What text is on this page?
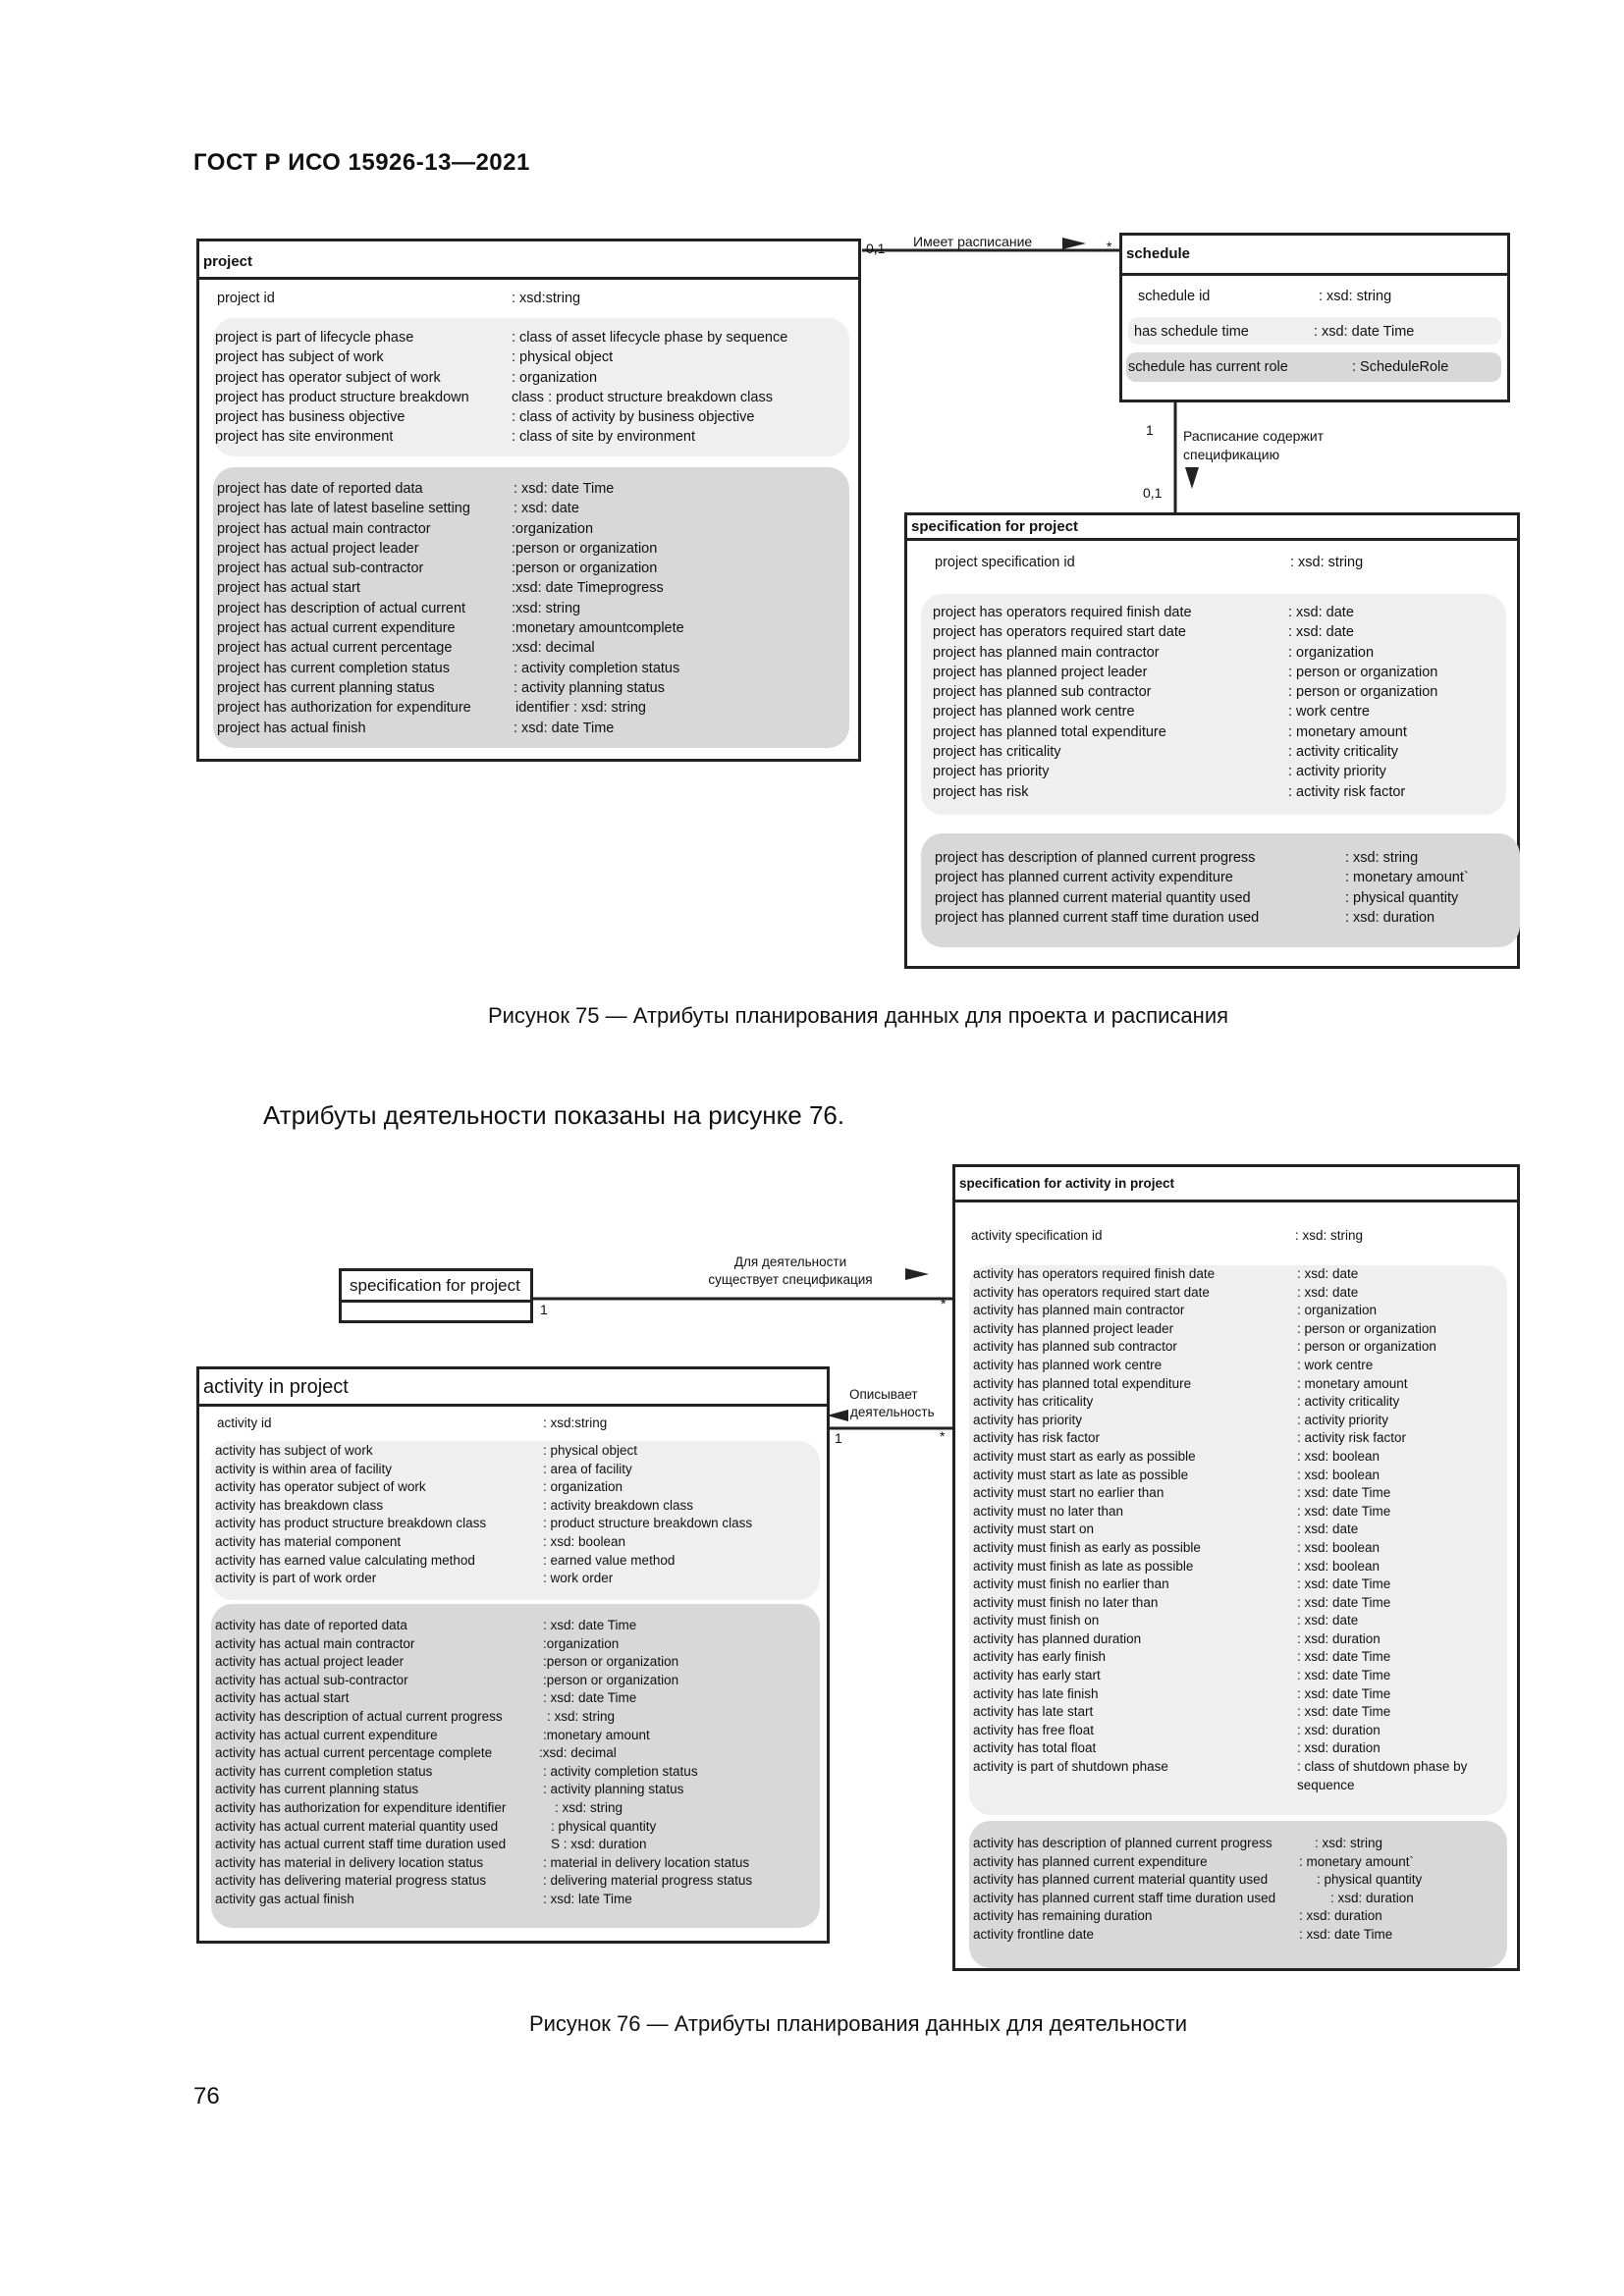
ГОСТ Р ИСО 15926-13—2021
0,1 Имеет расписание	*
1 Расписание содержит
спецификацию
0,1
project
project id	: xsd:string
project is part of lifecycle phase	: class of asset lifecycle phase by sequence
project has subject of work	: physical object
project has operator subject of work	: organization
project has product structure breakdown	class : product structure breakdown class
project has business objective	: class of activity by business objective
project has site environment	: class of site by environment
project has date of reported data	: xsd: date Time
project has late of latest baseline setting	: xsd: date
project has actual main contractor	:organization
project has actual project leader	:person or organization
project has actual sub-contractor	:person or organization
project has actual start	:xsd: date Timeprogress
project has description of actual current	:xsd: string
project has actual current expenditure	:monetary amountcomplete
project has actual current percentage	:xsd: decimal
project has current completion status	: activity completion status
project has current planning status	: activity planning status
project has authorization for expenditure	identifier : xsd: string
project has actual finish	: xsd: date Time
schedule
schedule id	: xsd: string
has schedule time	: xsd: date Time
schedule has current role	: ScheduleRole
specification for project
project specification id	: xsd: string
project has operators required finish date	: xsd: date
project has operators required start date	: xsd: date
project has planned main contractor	: organization
project has planned project leader	: person or organization
project has planned sub contractor	: person or organization
project has planned work centre	: work centre
project has planned total expenditure	: monetary amount
project has criticality	: activity criticality
project has priority	: activity priority
project has risk	: activity risk factor
project has description of planned current progress	: xsd: string
project has planned current activity expenditure	: monetary amount`
project has planned current material quantity used	: physical quantity
project has planned current staff time duration used	: xsd: duration
Рисунок 75 — Атрибуты планирования данных для проекта и расписания
Атрибуты деятельности показаны на рисунке 76.
specification for project
1
Для деятельности
существует спецификация
*
Описывает
деятельность
1	*
activity in project
activity id	: xsd:string
activity has subject of work	: physical object
activity is within area of facility	: area of facility
activity has operator subject of work	: organization
activity has breakdown class	: activity breakdown class
activity has product structure breakdown class	: product structure breakdown class
activity has material component	: xsd: boolean
activity has earned value calculating method	: earned value method
activity is part of work order	: work order
activity has date of reported data	: xsd: date Time
activity has actual main contractor	:organization
activity has actual project leader	:person or organization
activity has actual sub-contractor	:person or organization
activity has actual start	: xsd: date Time
activity has description of actual current progress	: xsd: string
activity has actual current expenditure	:monetary amount
activity has actual current percentage complete	:xsd: decimal
activity has current completion status	: activity completion status
activity has current planning status	: activity planning status
activity has authorization for expenditure identifier	: xsd: string
activity has actual current material quantity used	: physical quantity
activity has actual current staff time duration used	S : xsd: duration
activity has material in delivery location status	: material in delivery location status
activity has delivering material progress status	: delivering material progress status
activity gas actual finish	: xsd: late Time
specification for activity in project
activity specification id	: xsd: string
activity has operators required finish date	: xsd: date
activity has operators required start date	: xsd: date
activity has planned main contractor	: organization
activity has planned project leader	: person or organization
activity has planned sub contractor	: person or organization
activity has planned work centre	: work centre
activity has planned total expenditure	: monetary amount
activity has criticality	: activity criticality
activity has priority	: activity priority
activity has risk factor	: activity risk factor
activity must start as early as possible	: xsd: boolean
activity must start as late as possible	: xsd: boolean
activity must start no earlier than	: xsd: date Time
activity must no later than	: xsd: date Time
activity must start on	: xsd: date
activity must finish as early as possible	: xsd: boolean
activity must finish as late as possible	: xsd: boolean
activity must finish no earlier than	: xsd: date Time
activity must finish no later than	: xsd: date Time
activity must finish on	: xsd: date
activity has planned duration	: xsd: duration
activity has early finish	: xsd: date Time
activity has early start	: xsd: date Time
activity has late finish	: xsd: date Time
activity has late start	: xsd: date Time
activity has free float	: xsd: duration
activity has total float	: xsd: duration
activity is part of shutdown phase	: class of shutdown phase by sequence
activity has description of planned current progress	: xsd: string
activity has planned current expenditure	: monetary amount`
activity has planned current material quantity used	: physical quantity
activity has planned current staff time duration used	: xsd: duration
activity has remaining duration	: xsd: duration
activity frontline date	: xsd: date Time
Рисунок 76 — Атрибуты планирования данных для деятельности
76
